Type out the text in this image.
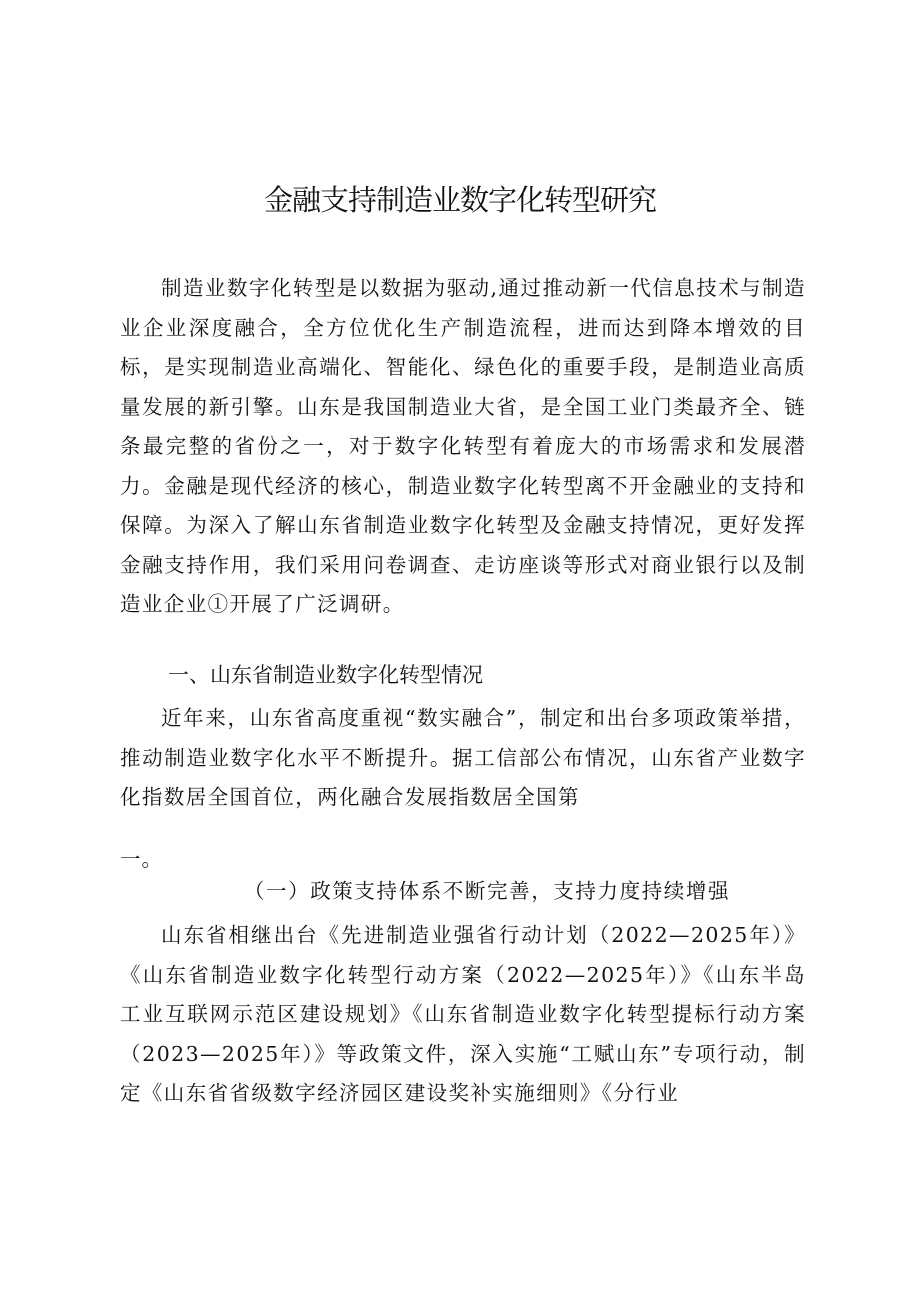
金融支持制造业数字化转型研究

制造业数字化转型是以数据为驱动,通过推动新一代信息技术与制造业企业深度融合，全方位优化生产制造流程，进而达到降本增效的目标，是实现制造业高端化、智能化、绿色化的重要手段，是制造业高质量发展的新引擎。山东是我国制造业大省，是全国工业门类最齐全、链条最完整的省份之一，对于数字化转型有着庞大的市场需求和发展潜力。金融是现代经济的核心，制造业数字化转型离不开金融业的支持和保障。为深入了解山东省制造业数字化转型及金融支持情况，更好发挥金融支持作用，我们采用问卷调查、走访座谈等形式对商业银行以及制造业企业①开展了广泛调研。

一、山东省制造业数字化转型情况

近年来，山东省高度重视“数实融合”，制定和出台多项政策举措，推动制造业数字化水平不断提升。据工信部公布情况，山东省产业数字化指数居全国首位，两化融合发展指数居全国第

一。

（一）政策支持体系不断完善，支持力度持续增强

山东省相继出台《先进制造业强省行动计划（2022—2025年）》《山东省制造业数字化转型行动方案（2022—2025年）》《山东半岛工业互联网示范区建设规划》《山东省制造业数字化转型提标行动方案（2023—2025年）》等政策文件，深入实施“工赋山东”专项行动，制定《山东省省级数字经济园区建设奖补实施细则》《分行业
